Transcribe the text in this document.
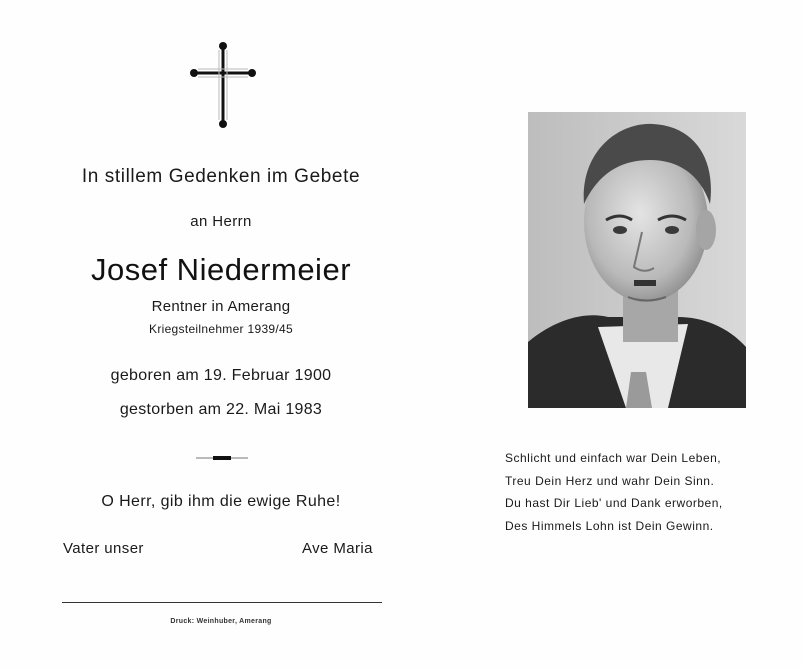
In stillem Gedenken im Gebete
an Herrn
Josef Niedermeier
Rentner in Amerang
Kriegsteilnehmer 1939/45
geboren am 19. Februar 1900
gestorben am 22. Mai 1983
O Herr, gib ihm die ewige Ruhe!
Vater unser	Ave Maria
Druck: Weinhuber, Amerang
Schlicht und einfach war Dein Leben,
Treu Dein Herz und wahr Dein Sinn.
Du hast Dir Lieb' und Dank erworben,
Des Himmels Lohn ist Dein Gewinn.
